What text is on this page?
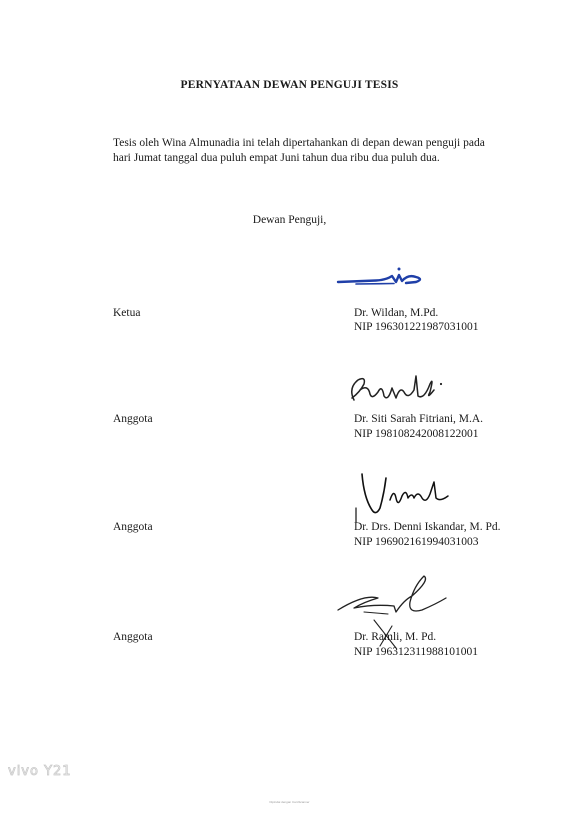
PERNYATAAN DEWAN PENGUJI TESIS
Tesis oleh Wina Almunadia ini telah dipertahankan di depan dewan penguji pada
hari Jumat tanggal dua puluh empat Juni tahun dua ribu dua puluh dua.
Dewan Penguji,
Ketua	Dr. Wildan, M.Pd.
NIP 196301221987031001
Anggota	Dr. Siti Sarah Fitriani, M.A.
NIP 198108242008122001
Anggota	Dr. Drs. Denni Iskandar, M. Pd.
NIP 196902161994031003
Anggota	Dr. Ramli, M. Pd.
NIP 196312311988101001
vivo Y21
Dipindai dengan CamScanner
